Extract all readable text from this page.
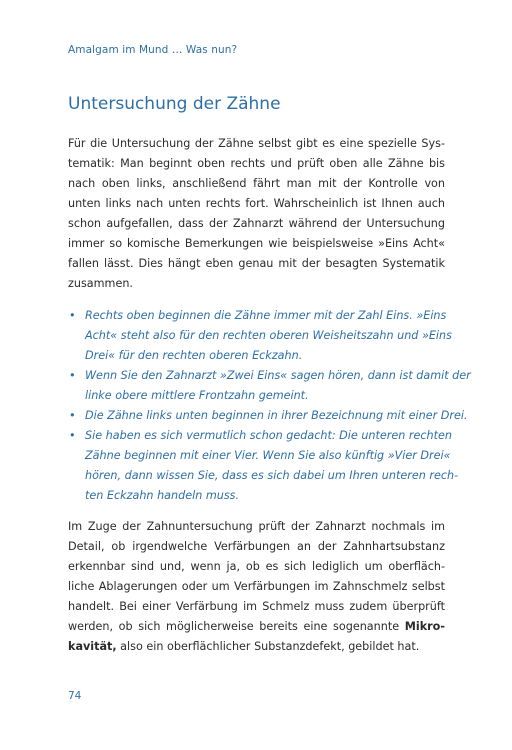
Amalgam im Mund … Was nun?
Untersuchung der Zähne
Für die Untersuchung der Zähne selbst gibt es eine spezielle Sys-
tematik: Man beginnt oben rechts und prüft oben alle Zähne bis
nach oben links, anschließend fährt man mit der Kontrolle von
unten links nach unten rechts fort. Wahrscheinlich ist Ihnen auch
schon aufgefallen, dass der Zahnarzt während der Untersuchung
immer so komische Bemerkungen wie beispielsweise »Eins Acht«
fallen lässt. Dies hängt eben genau mit der besagten Systematik
zusammen.
• Rechts oben beginnen die Zähne immer mit der Zahl Eins. »Eins
Acht« steht also für den rechten oberen Weisheitszahn und »Eins
Drei« für den rechten oberen Eckzahn.
• Wenn Sie den Zahnarzt »Zwei Eins« sagen hören, dann ist damit der
linke obere mittlere Frontzahn gemeint.
• Die Zähne links unten beginnen in ihrer Bezeichnung mit einer Drei.
• Sie haben es sich vermutlich schon gedacht: Die unteren rechten
Zähne beginnen mit einer Vier. Wenn Sie also künftig »Vier Drei«
hören, dann wissen Sie, dass es sich dabei um Ihren unteren rech-
ten Eckzahn handeln muss.
Im Zuge der Zahnuntersuchung prüft der Zahnarzt nochmals im
Detail, ob irgendwelche Verfärbungen an der Zahnhartsubstanz
erkennbar sind und, wenn ja, ob es sich lediglich um oberfläch-
liche Ablagerungen oder um Verfärbungen im Zahnschmelz selbst
handelt. Bei einer Verfärbung im Schmelz muss zudem überprüft
werden, ob sich möglicherweise bereits eine sogenannte Mikro-
kavität, also ein oberflächlicher Substanzdefekt, gebildet hat.
74
